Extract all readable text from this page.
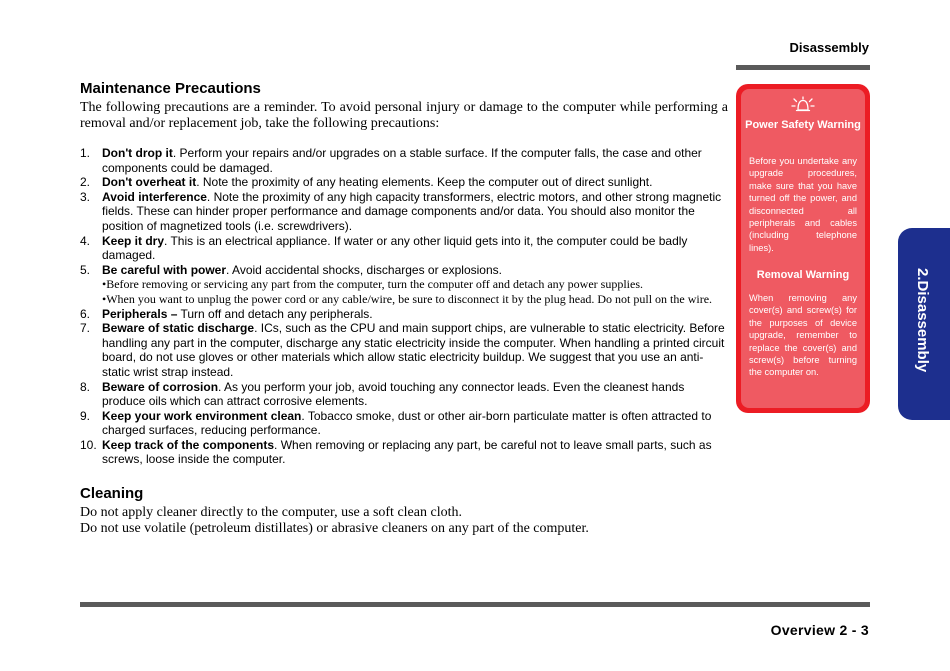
Disassembly
Maintenance Precautions
The following precautions are a reminder. To avoid personal injury or damage to the computer while performing a removal and/or replacement job, take the following precautions:
1. Don't drop it. Perform your repairs and/or upgrades on a stable surface. If the computer falls, the case and other components could be damaged.
2. Don't overheat it. Note the proximity of any heating elements. Keep the computer out of direct sunlight.
3. Avoid interference. Note the proximity of any high capacity transformers, electric motors, and other strong magnetic fields. These can hinder proper performance and damage components and/or data. You should also monitor the position of magnetized tools (i.e. screwdrivers).
4. Keep it dry. This is an electrical appliance. If water or any other liquid gets into it, the computer could be badly damaged.
5. Be careful with power. Avoid accidental shocks, discharges or explosions.
•Before removing or servicing any part from the computer, turn the computer off and detach any power supplies.
•When you want to unplug the power cord or any cable/wire, be sure to disconnect it by the plug head. Do not pull on the wire.
6. Peripherals – Turn off and detach any peripherals.
7. Beware of static discharge. ICs, such as the CPU and main support chips, are vulnerable to static electricity. Before handling any part in the computer, discharge any static electricity inside the computer. When handling a printed circuit board, do not use gloves or other materials which allow static electricity buildup. We suggest that you use an anti-static wrist strap instead.
8. Beware of corrosion. As you perform your job, avoid touching any connector leads. Even the cleanest hands produce oils which can attract corrosive elements.
9. Keep your work environment clean. Tobacco smoke, dust or other air-born particulate matter is often attracted to charged surfaces, reducing performance.
10. Keep track of the components. When removing or replacing any part, be careful not to leave small parts, such as screws, loose inside the computer.
Cleaning
Do not apply cleaner directly to the computer, use a soft clean cloth.
Do not use volatile (petroleum distillates) or abrasive cleaners on any part of the computer.
Power Safety Warning
Before you undertake any upgrade procedures, make sure that you have turned off the power, and disconnected all peripherals and cables (including telephone lines).
Removal Warning
When removing any cover(s) and screw(s) for the purposes of device upgrade, remember to replace the cover(s) and screw(s) before turning the computer on.
2.Disassembly
Overview 2 - 3
